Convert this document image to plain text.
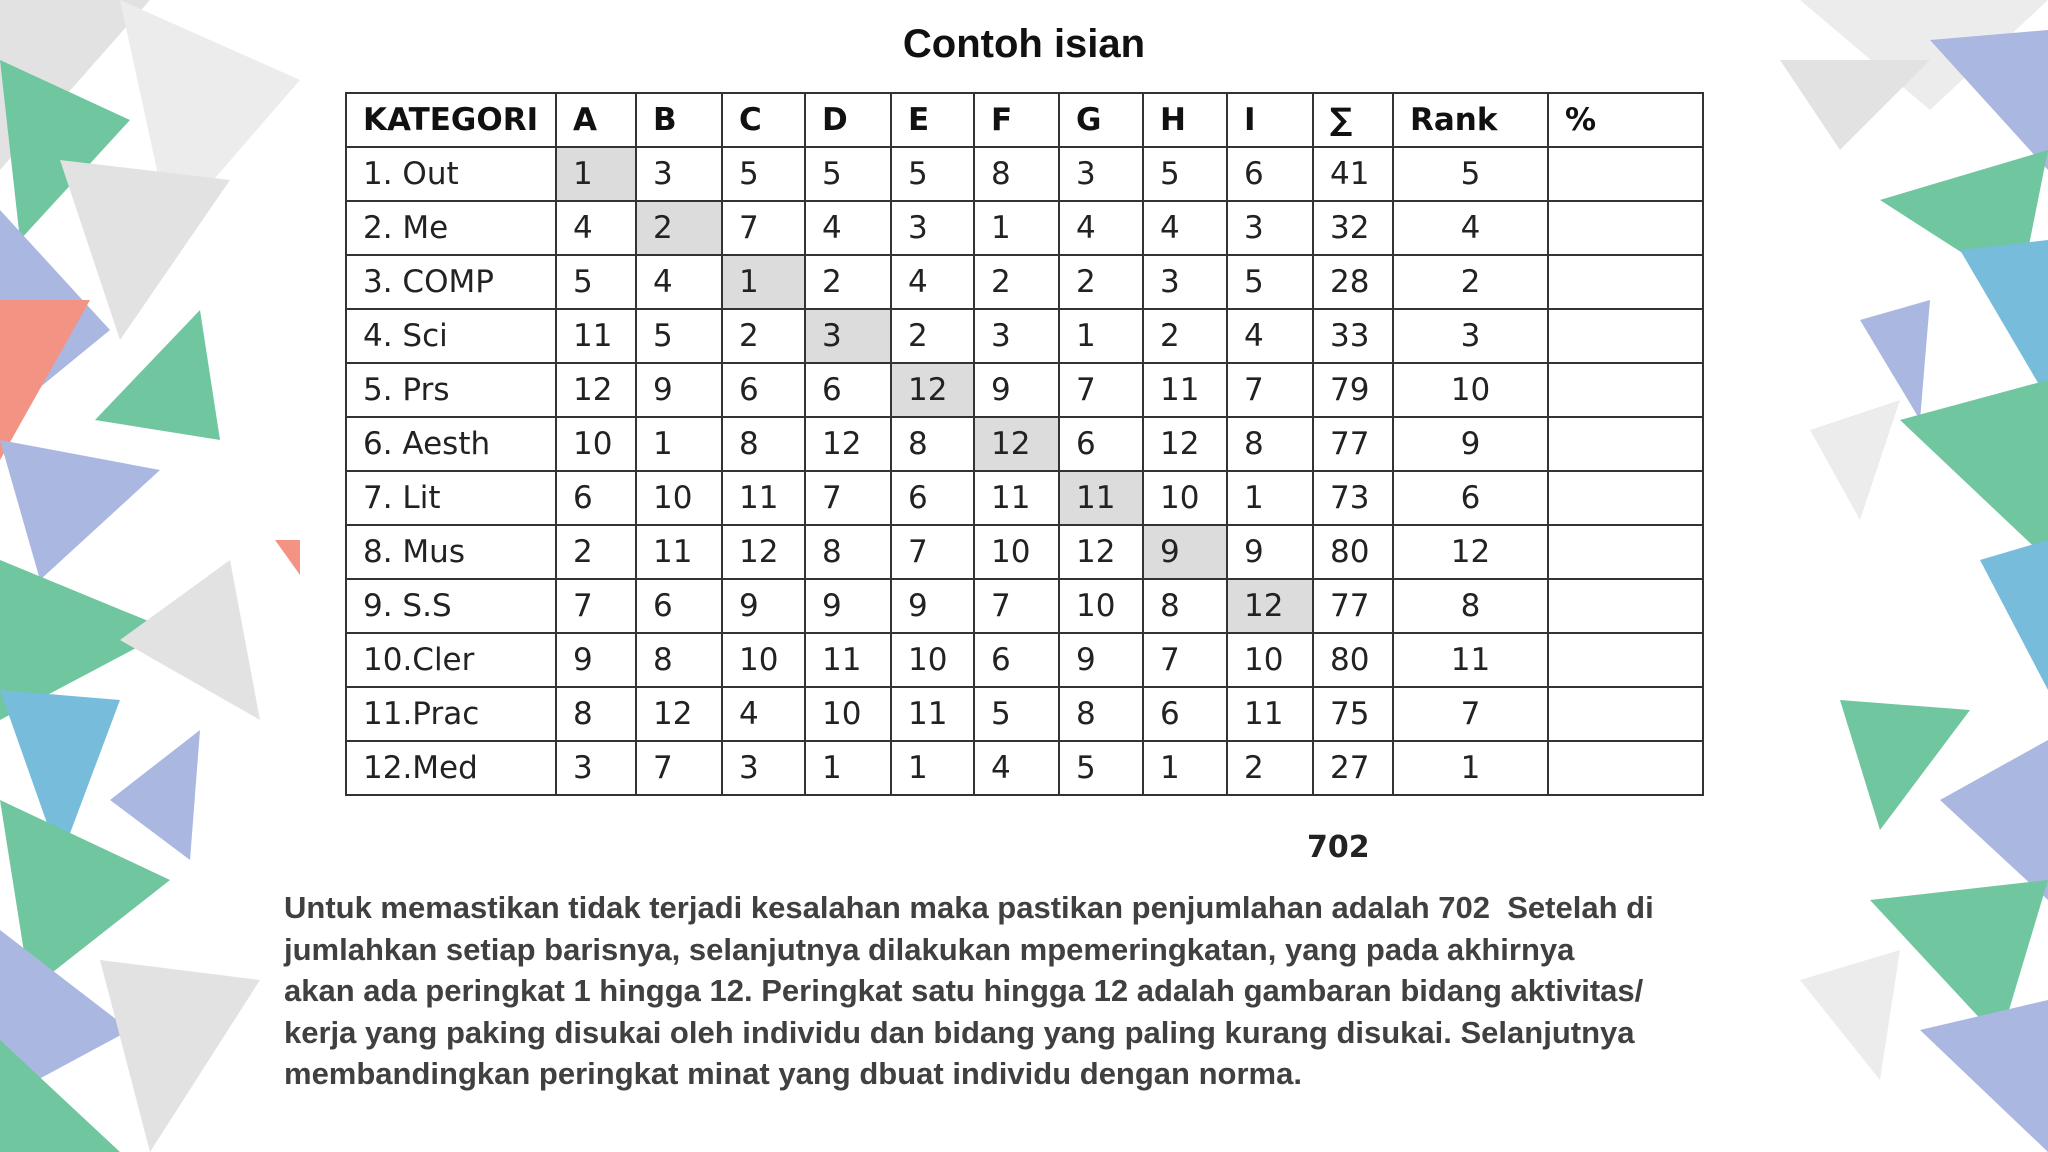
Contoh isian
KATEGORI	A	B	C	D	E	F	G	H	I	∑	Rank	%
1. Out	1	3	5	5	5	8	3	5	6	41	5	
2. Me	4	2	7	4	3	1	4	4	3	32	4	
3. COMP	5	4	1	2	4	2	2	3	5	28	2	
4. Sci	11	5	2	3	2	3	1	2	4	33	3	
5. Prs	12	9	6	6	12	9	7	11	7	79	10	
6. Aesth	10	1	8	12	8	12	6	12	8	77	9	
7. Lit	6	10	11	7	6	11	11	10	1	73	6	
8. Mus	2	11	12	8	7	10	12	9	9	80	12	
9. S.S	7	6	9	9	9	7	10	8	12	77	8	
10.Cler	9	8	10	11	10	6	9	7	10	80	11	
11.Prac	8	12	4	10	11	5	8	6	11	75	7	
12.Med	3	7	3	1	1	4	5	1	2	27	1	
702
Untuk memastikan tidak terjadi kesalahan maka pastikan penjumlahan adalah 702  Setelah di
jumlahkan setiap barisnya, selanjutnya dilakukan mpemeringkatan, yang pada akhirnya
akan ada peringkat 1 hingga 12. Peringkat satu hingga 12 adalah gambaran bidang aktivitas/
kerja yang paking disukai oleh individu dan bidang yang paling kurang disukai. Selanjutnya
membandingkan peringkat minat yang dbuat individu dengan norma.
